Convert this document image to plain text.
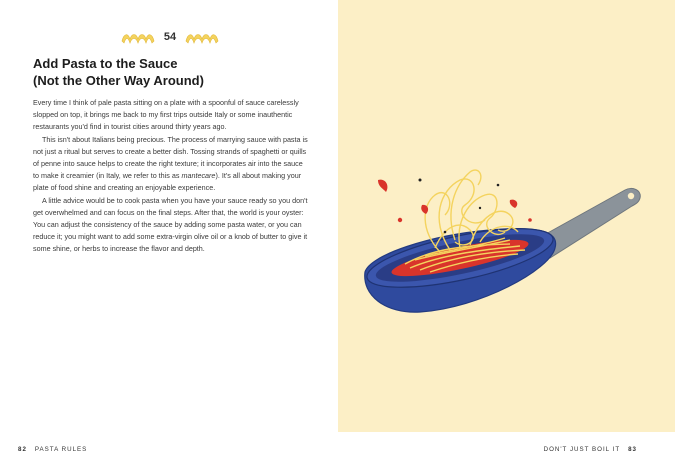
54
Add Pasta to the Sauce
(Not the Other Way Around)

Every time I think of pale pasta sitting on a plate with a spoonful of sauce carelessly slopped on top, it brings me back to my first trips outside Italy or some inauthentic restaurants you'd find in tourist cities around thirty years ago.

This isn't about Italians being precious. The process of marrying sauce with pasta is not just a ritual but serves to create a better dish. Tossing strands of spaghetti or quills of penne into sauce helps to create the right texture; it incorporates air into the sauce to make it creamier (in Italy, we refer to this as mantecare). It's all about making your plate of food shine and creating an enjoyable experience.

A little advice would be to cook pasta when you have your sauce ready so you don't get overwhelmed and can focus on the final steps. After that, the world is your oyster: You can adjust the consistency of the sauce by adding some pasta water, or you can reduce it; you might want to add some extra-virgin olive oil or a knob of butter to give it some shine, or herbs to increase the flavor and depth.

82 PASTA RULES	DON'T JUST BOIL IT 83
